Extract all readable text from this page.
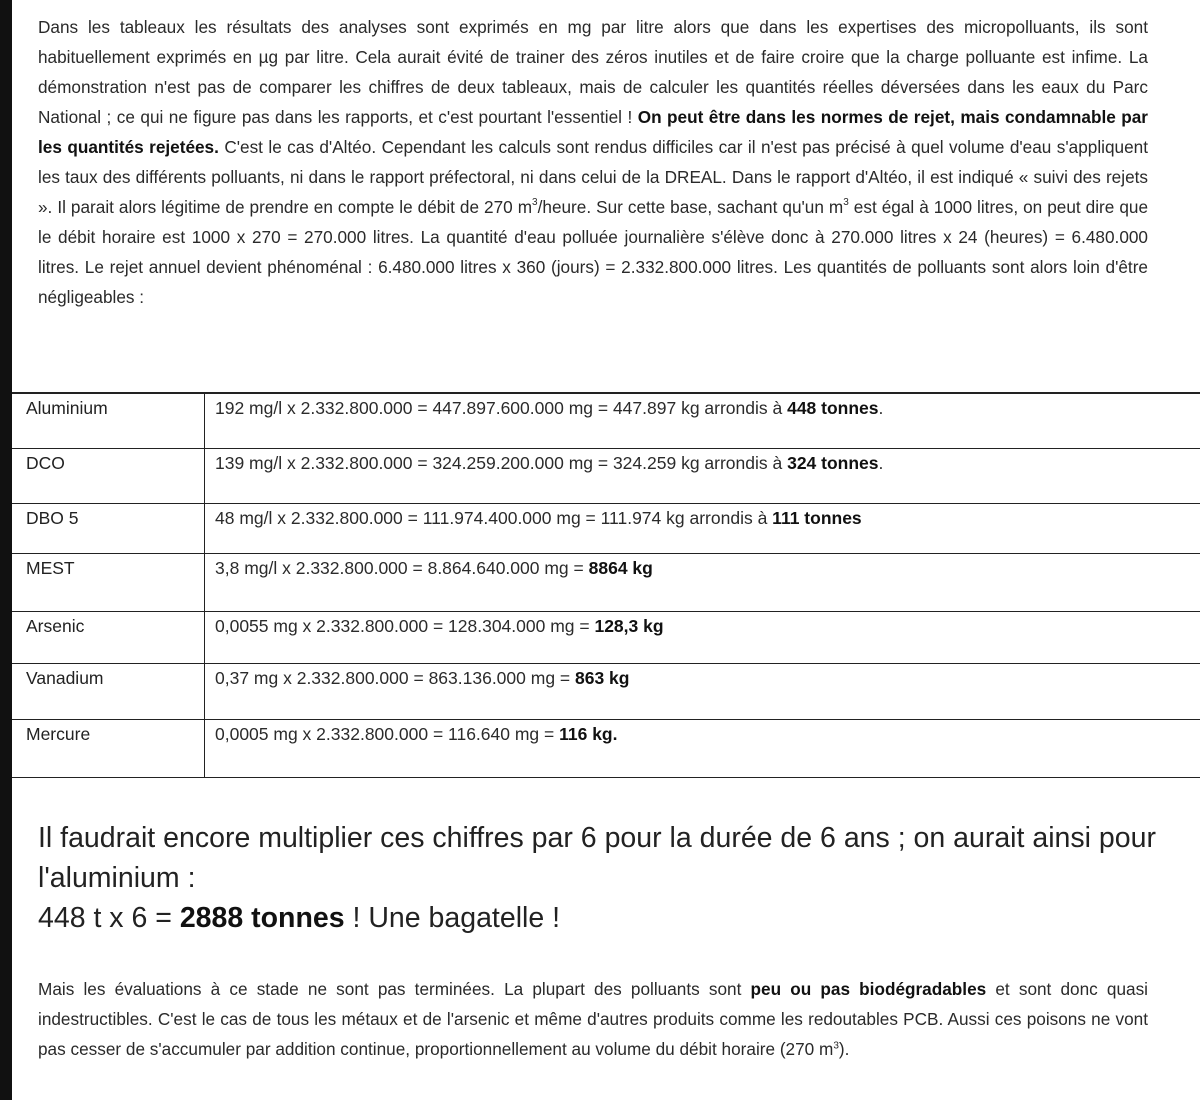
Dans les tableaux les résultats des analyses sont exprimés en mg par litre alors que dans les expertises des micropolluants, ils sont habituellement exprimés en µg par litre. Cela aurait évité de trainer des zéros inutiles et de faire croire que la charge polluante est infime. La démonstration n'est pas de comparer les chiffres de deux tableaux, mais de calculer les quantités réelles déversées dans les eaux du Parc National ; ce qui ne figure pas dans les rapports, et c'est pourtant l'essentiel ! On peut être dans les normes de rejet, mais condamnable par les quantités rejetées. C'est le cas d'Altéo. Cependant les calculs sont rendus difficiles car il n'est pas précisé à quel volume d'eau s'appliquent les taux des différents polluants, ni dans le rapport préfectoral, ni dans celui de la DREAL. Dans le rapport d'Altéo, il est indiqué « suivi des rejets ». Il parait alors légitime de prendre en compte le débit de 270 $m^3$/heure. Sur cette base, sachant qu'un $m^3$ est égal à 1000 litres, on peut dire que le débit horaire est 1000 x 270 = 270.000 litres. La quantité d'eau polluée journalière s'élève donc à 270.000 litres x 24 (heures) = 6.480.000 litres. Le rejet annuel devient phénoménal : 6.480.000 litres x 360 (jours) = 2.332.800.000 litres. Les quantités de polluants sont alors loin d'être négligeables :
Aluminium	192 mg/l x 2.332.800.000 = 447.897.600.000 mg = 447.897 kg arrondis à 448 tonnes.
DCO	139 mg/l x 2.332.800.000 = 324.259.200.000 mg = 324.259 kg arrondis à 324 tonnes.
DBO 5	48 mg/l x 2.332.800.000 = 111.974.400.000 mg = 111.974 kg arrondis à 111 tonnes
MEST	3,8 mg/l x 2.332.800.000 = 8.864.640.000 mg = 8864 kg
Arsenic	0,0055 mg x 2.332.800.000 = 128.304.000 mg = 128,3 kg
Vanadium	0,37 mg x 2.332.800.000 = 863.136.000 mg = 863 kg
Mercure	0,0005 mg x 2.332.800.000 = 116.640 mg = 116 kg.
Il faudrait encore multiplier ces chiffres par 6 pour la durée de 6 ans ; on aurait ainsi pour l'aluminium :
448 t x 6 = 2888 tonnes ! Une bagatelle !
Mais les évaluations à ce stade ne sont pas terminées. La plupart des polluants sont peu ou pas biodégradables et sont donc quasi indestructibles. C'est le cas de tous les métaux et de l'arsenic et même d'autres produits comme les redoutables PCB. Aussi ces poisons ne vont pas cesser de s'accumuler par addition continue, proportionnellement au volume du débit horaire (270 $m^3$).
